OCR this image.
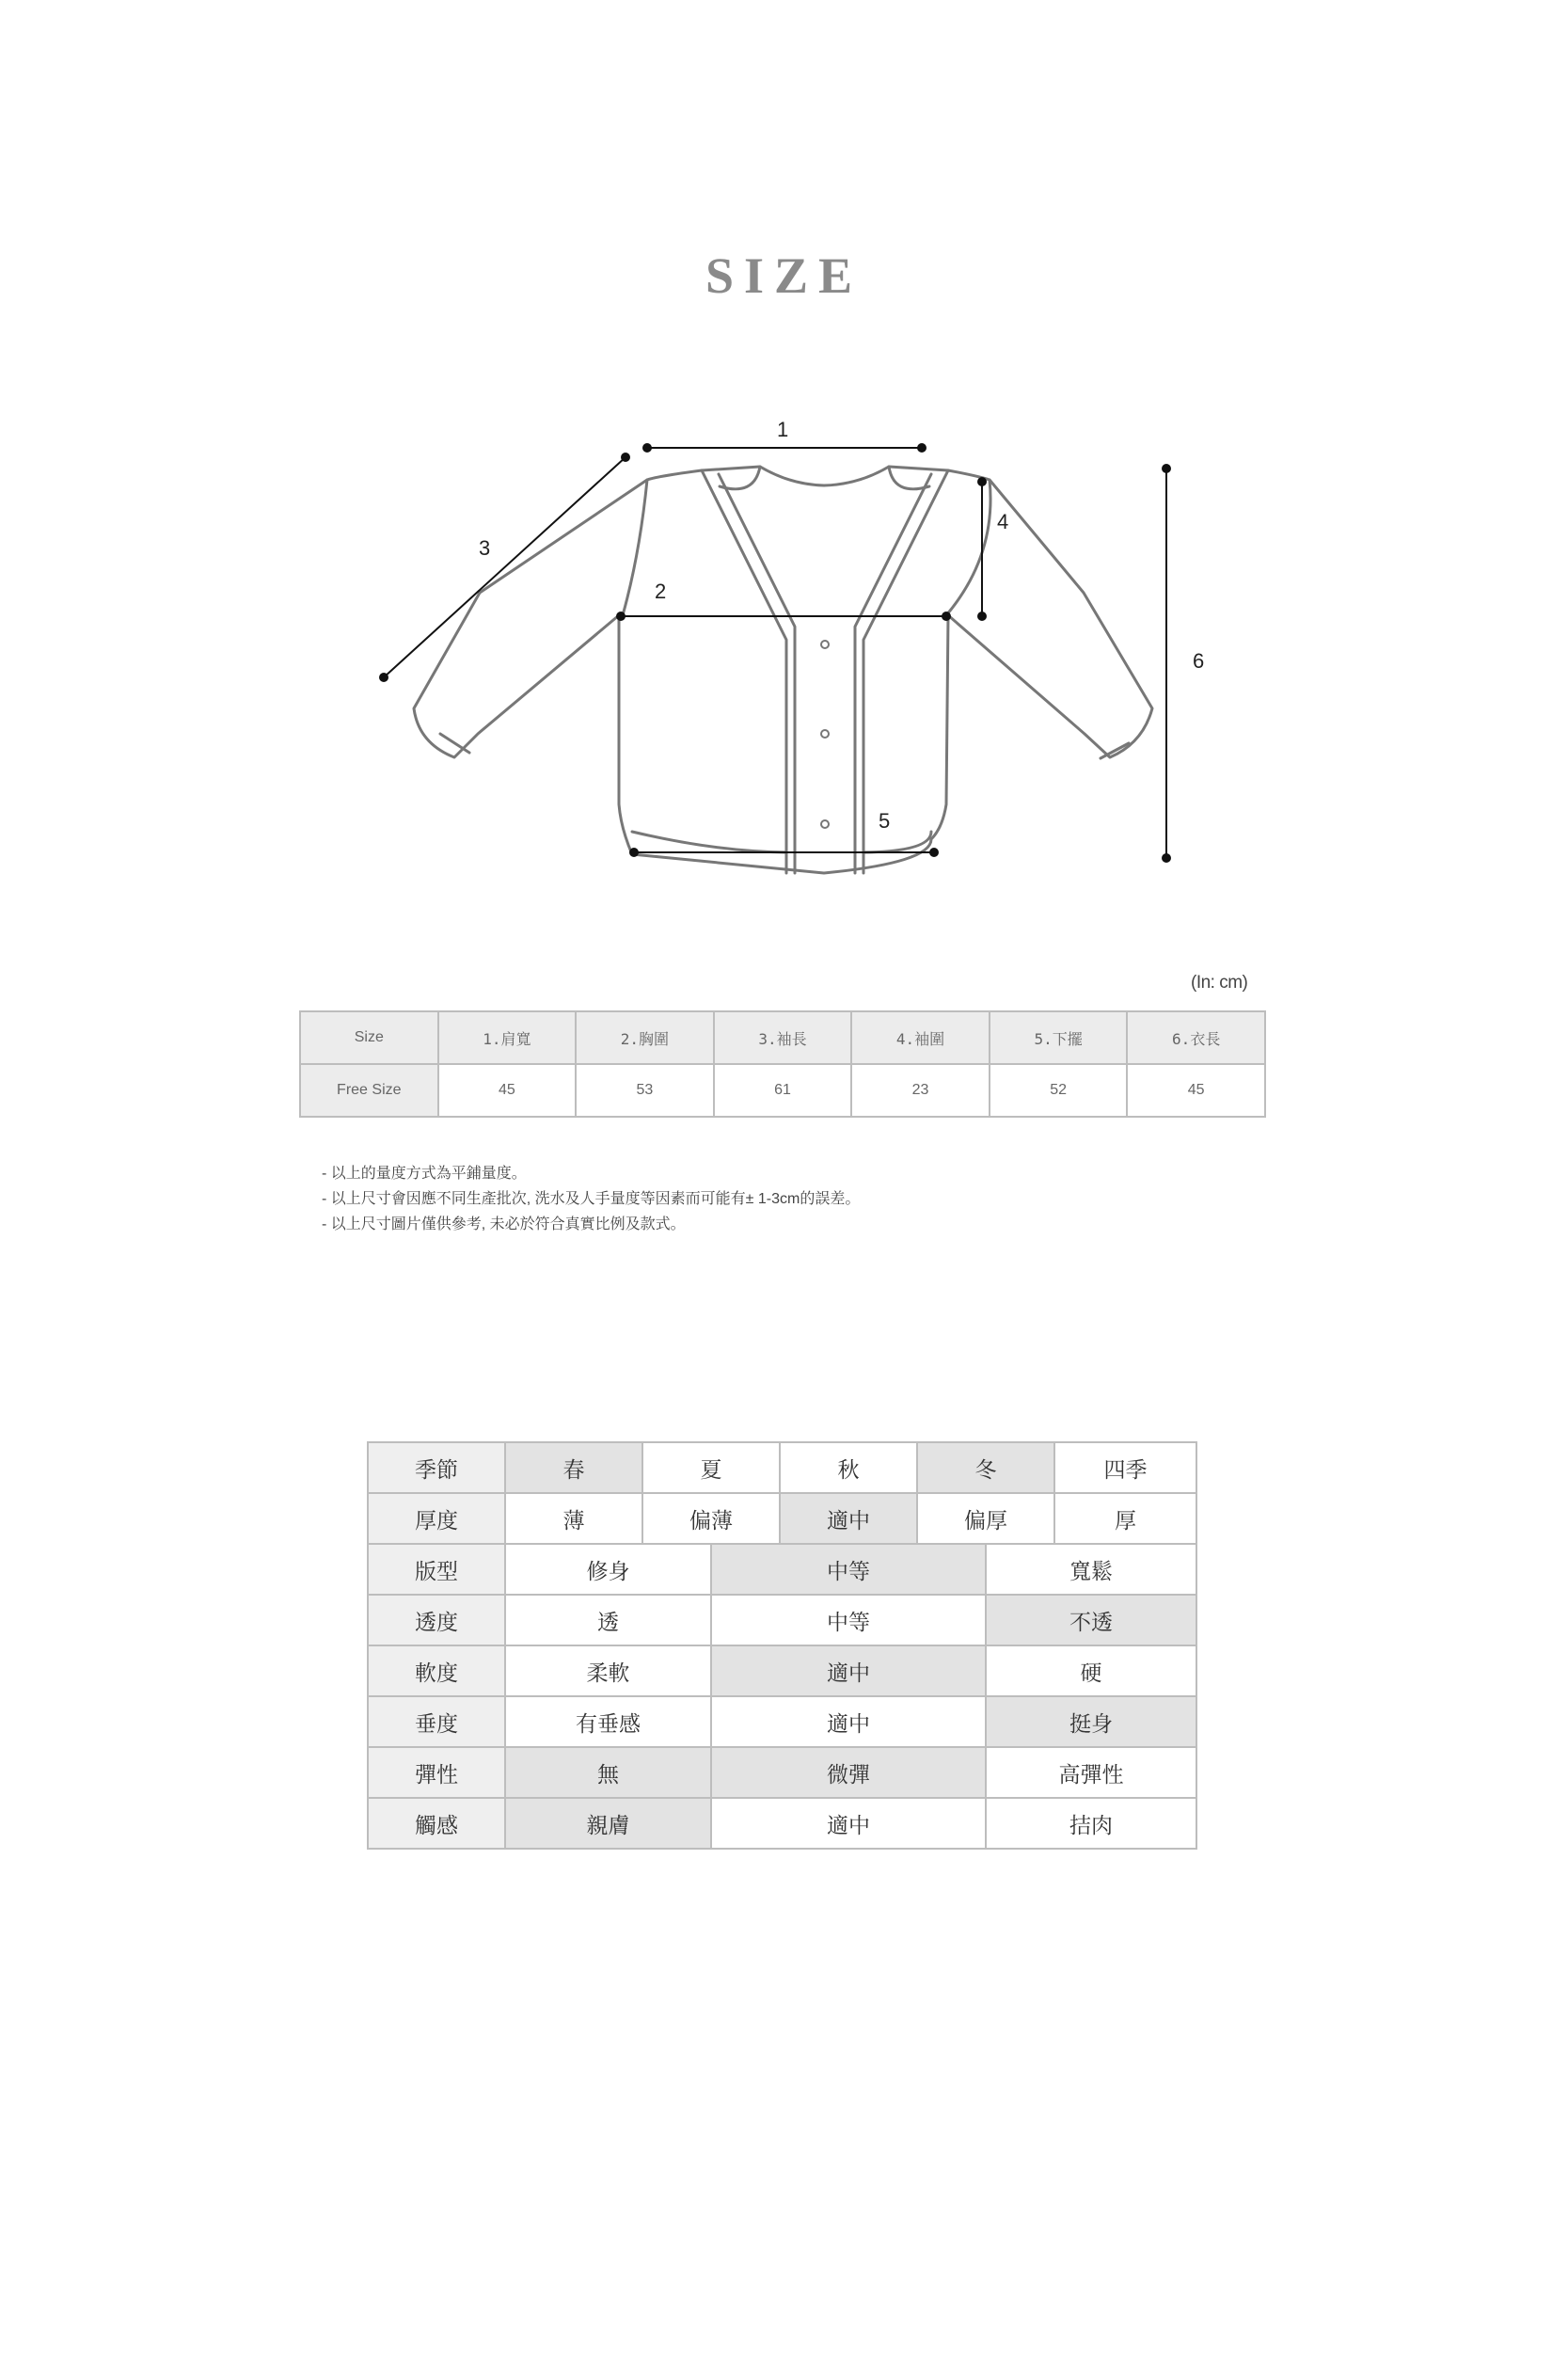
SIZE
1
2
3
4
5
6
(In: cm)
Size	1.肩寬	2.胸圍	3.袖長	4.袖圍	5.下擺	6.衣長
Free Size	45	53	61	23	52	45
- 以上的量度方式為平鋪量度。
- 以上尺寸會因應不同生產批次, 洗水及人手量度等因素而可能有± 1-3cm的誤差。
- 以上尺寸圖片僅供參考, 未必於符合真實比例及款式。
季節	春	夏		秋	冬		四季
厚度	薄	偏薄		適中	偏厚		厚
版型	修身		中等			寬鬆	
透度	透		中等			不透	
軟度	柔軟		適中			硬	
垂度	有垂感		適中			挺身	
彈性	無		微彈			高彈性	
觸感	親膚		適中			拮肉	
